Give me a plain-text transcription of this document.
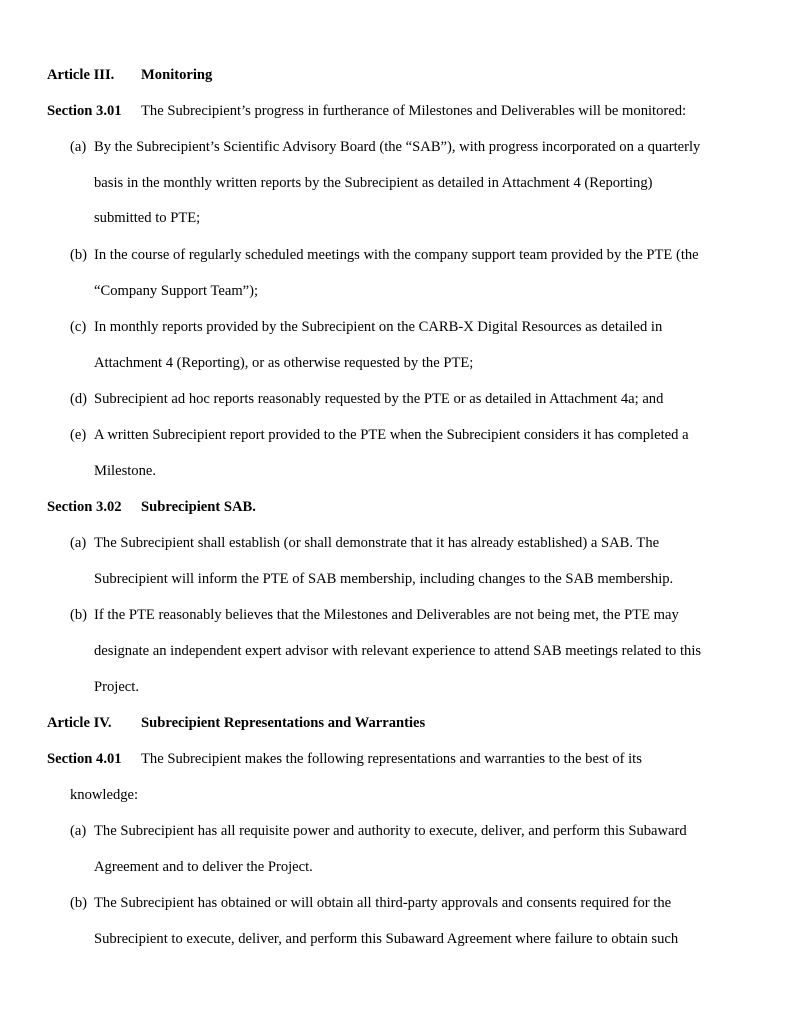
Article III. Monitoring
Section 3.01 The Subrecipient’s progress in furtherance of Milestones and Deliverables will be monitored:
(a) By the Subrecipient’s Scientific Advisory Board (the “SAB”), with progress incorporated on a quarterly
basis in the monthly written reports by the Subrecipient as detailed in Attachment 4 (Reporting)
submitted to PTE;
(b) In the course of regularly scheduled meetings with the company support team provided by the PTE (the
“Company Support Team”);
(c) In monthly reports provided by the Subrecipient on the CARB-X Digital Resources as detailed in
Attachment 4 (Reporting), or as otherwise requested by the PTE;
(d) Subrecipient ad hoc reports reasonably requested by the PTE or as detailed in Attachment 4a; and
(e) A written Subrecipient report provided to the PTE when the Subrecipient considers it has completed a
Milestone.
Section 3.02 Subrecipient SAB.
(a) The Subrecipient shall establish (or shall demonstrate that it has already established) a SAB. The
Subrecipient will inform the PTE of SAB membership, including changes to the SAB membership.
(b) If the PTE reasonably believes that the Milestones and Deliverables are not being met, the PTE may
designate an independent expert advisor with relevant experience to attend SAB meetings related to this
Project.
Article IV. Subrecipient Representations and Warranties
Section 4.01 The Subrecipient makes the following representations and warranties to the best of its
knowledge:
(a) The Subrecipient has all requisite power and authority to execute, deliver, and perform this Subaward
Agreement and to deliver the Project.
(b) The Subrecipient has obtained or will obtain all third-party approvals and consents required for the
Subrecipient to execute, deliver, and perform this Subaward Agreement where failure to obtain such
